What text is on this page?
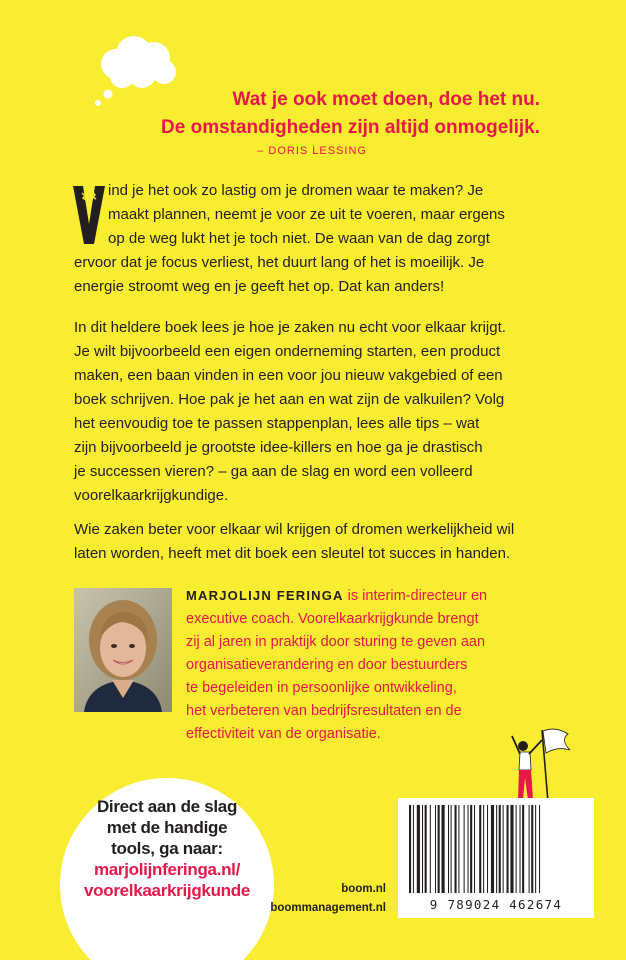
Wat je ook moet doen, doe het nu.
De omstandigheden zijn altijd onmogelijk.
– DORIS LESSING
ind je het ook zo lastig om je dromen waar te maken? Je
maakt plannen, neemt je voor ze uit te voeren, maar ergens
op de weg lukt het je toch niet. De waan van de dag zorgt
ervoor dat je focus verliest, het duurt lang of het is moeilijk. Je
energie stroomt weg en je geeft het op. Dat kan anders!
In dit heldere boek lees je hoe je zaken nu echt voor elkaar krijgt.
Je wilt bijvoorbeeld een eigen onderneming starten, een product
maken, een baan vinden in een voor jou nieuw vakgebied of een
boek schrijven. Hoe pak je het aan en wat zijn de valkuilen? Volg
het eenvoudig toe te passen stappenplan, lees alle tips – wat
zijn bijvoorbeeld je grootste idee-killers en hoe ga je drastisch
je successen vieren? – ga aan de slag en word een volleerd
voorelkaarkrijgkundige.
Wie zaken beter voor elkaar wil krijgen of dromen werkelijkheid wil
laten worden, heeft met dit boek een sleutel tot succes in handen.
MARJOLIJN FERINGA is interim-directeur en
executive coach. Voorelkaarkrijgkunde brengt
zij al jaren in praktijk door sturing te geven aan
organisatieverandering en door bestuurders
te begeleiden in persoonlijke ontwikkeling,
het verbeteren van bedrijfsresultaten en de
effectiviteit van de organisatie.
Direct aan de slag
met de handige
tools, ga naar:
marjolijnferinga.nl/
voorelkaarkrijgkunde	boom.nl
boommanagement.nl	9 789024 462674
